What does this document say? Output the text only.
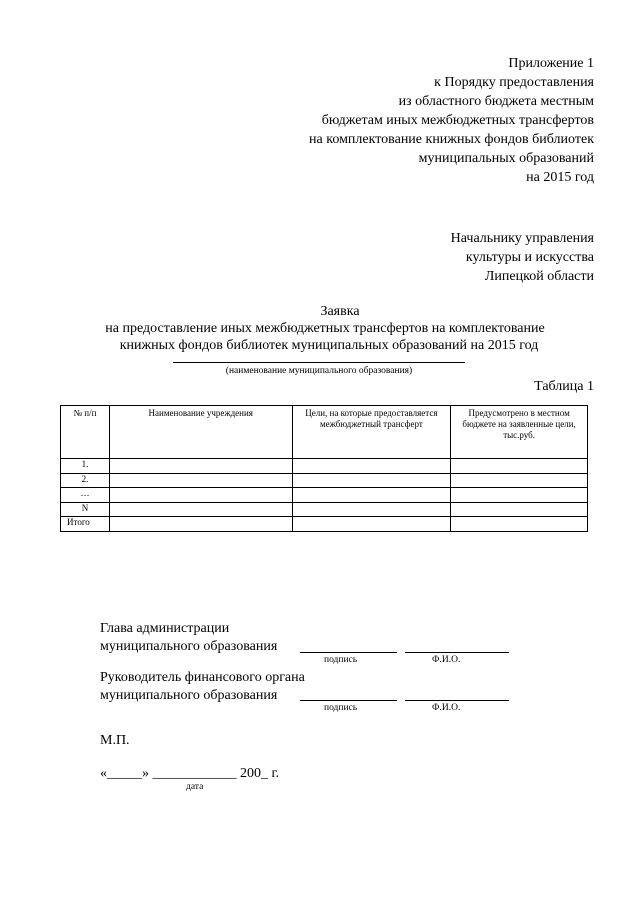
Приложение 1
к Порядку предоставления
из областного бюджета местным
бюджетам иных межбюджетных трансфертов
на комплектование книжных фондов библиотек
муниципальных образований
на 2015 год
Начальнику управления
культуры и искусства
Липецкой области
Заявка
на предоставление иных межбюджетных трансфертов на комплектование
книжных фондов библиотек муниципальных образований на 2015 год
(наименование муниципального образования)
Таблица 1
№ п/п	Наименование учреждения	Цели, на которые предоставляется межбюджетный трансферт	Предусмотрено в местном бюджете на заявленные цели, тыс.руб.
1.			
2.			
…			
N			
Итого			
Глава администрации
муниципального образования
подпись	Ф.И.О.
Руководитель финансового органа
муниципального образования
подпись	Ф.И.О.
М.П.
«_____» ____________ 200_ г.
дата
